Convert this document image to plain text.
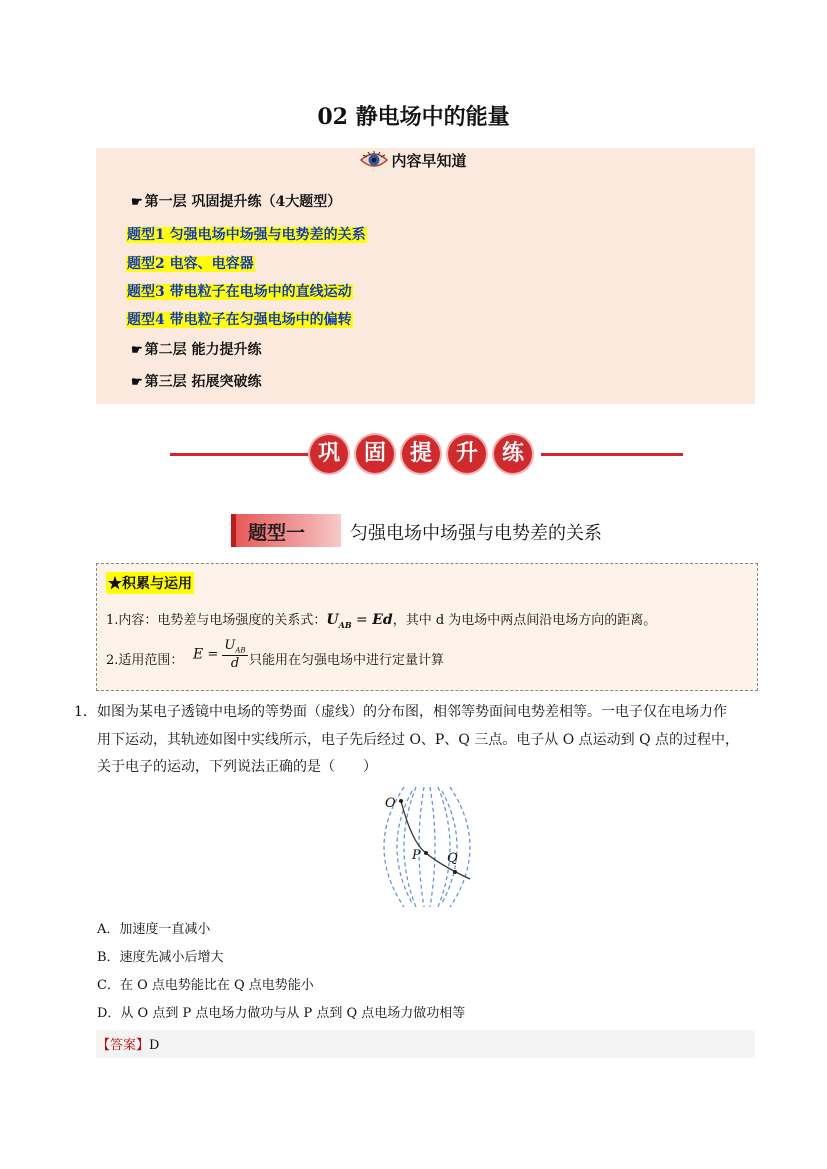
02 静电场中的能量
内容早知道
☛ 第一层 巩固提升练（4大题型）
题型1 匀强电场中场强与电势差的关系
题型2 电容、电容器
题型3 带电粒子在电场中的直线运动
题型4 带电粒子在匀强电场中的偏转
☛ 第二层 能力提升练
☛ 第三层 拓展突破练
巩	固	提	升	练
题型一 匀强电场中场强与电势差的关系
★积累与运用
1.内容：电势差与电场强度的关系式：$U_{AB} = Ed$，其中 d 为电场中两点间沿电场方向的距离。
2.适用范围： E =
$U_{AB}$
d 只能用在匀强电场中进行定量计算
1． 如图为某电子透镜中电场的等势面（虚线）的分布图，相邻等势面间电势差相等。一电子仅在电场力作
用下运动，其轨迹如图中实线所示，电子先后经过 O、P、Q 三点。电子从 O 点运动到 Q 点的过程中，
关于电子的运动，下列说法正确的是（　　）
O
P Q
A．加速度一直减小
B．速度先减小后增大
C．在 O 点电势能比在 Q 点电势能小
D．从 O 点到 P 点电场力做功与从 P 点到 Q 点电场力做功相等
【答案】D
